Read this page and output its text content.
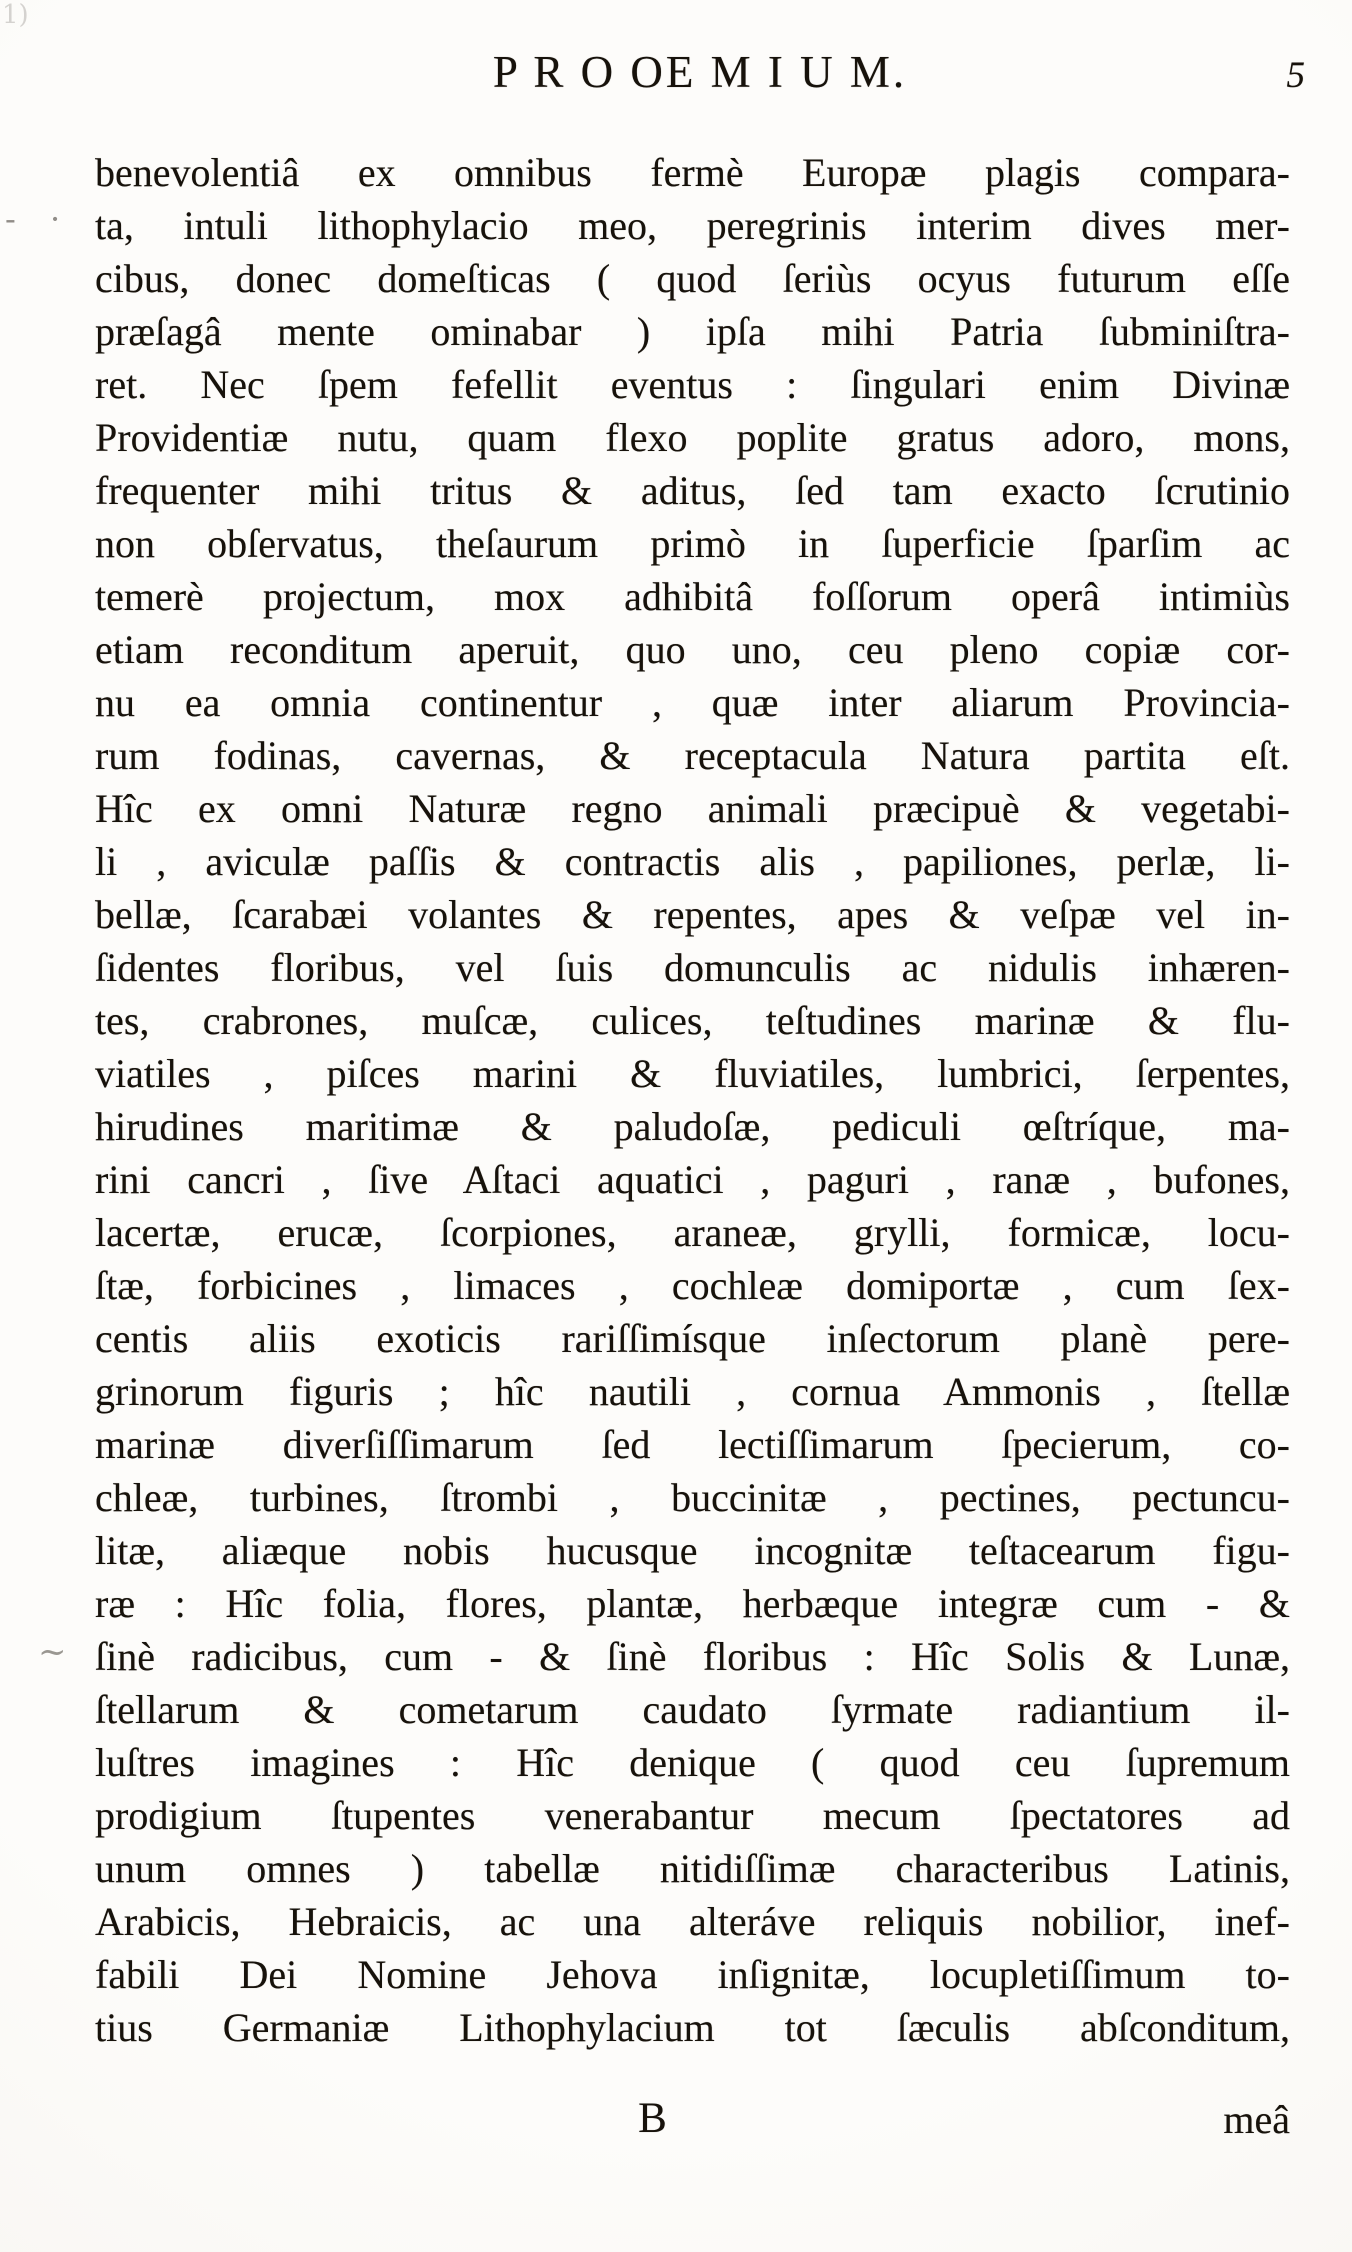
1)
- ·
~
P R O OE M I U M.	5
benevolentiâ ex omnibus fermè Europæ plagis compara-
ta, intuli lithophylacio meo, peregrinis interim dives mer-
cibus, donec domeſticas ( quod ſeriùs ocyus futurum eſſe
præſagâ mente ominabar ) ipſa mihi Patria ſubminiſtra-
ret. Nec ſpem fefellit eventus : ſingulari enim Divinæ
Providentiæ nutu, quam flexo poplite gratus adoro, mons,
frequenter mihi tritus & aditus, ſed tam exacto ſcrutinio
non obſervatus, theſaurum primò in ſuperficie ſparſim ac
temerè projectum, mox adhibitâ foſſorum operâ intimiùs
etiam reconditum aperuit, quo uno, ceu pleno copiæ cor-
nu ea omnia continentur , quæ inter aliarum Provincia-
rum fodinas, cavernas, & receptacula Natura partita eſt.
Hîc ex omni Naturæ regno animali præcipuè & vegetabi-
li , aviculæ paſſis & contractis alis , papiliones, perlæ, li-
bellæ, ſcarabæi volantes & repentes, apes & veſpæ vel in-
ſidentes floribus, vel ſuis domunculis ac nidulis inhæren-
tes, crabrones, muſcæ, culices, teſtudines marinæ & flu-
viatiles , piſces marini & fluviatiles, lumbrici, ſerpentes,
hirudines maritimæ & paludoſæ, pediculi œſtríque, ma-
rini cancri , ſive Aſtaci aquatici , paguri , ranæ , bufones,
lacertæ, erucæ, ſcorpiones, araneæ, grylli, formicæ, locu-
ſtæ, forbicines , limaces , cochleæ domiportæ , cum ſex-
centis aliis exoticis rariſſimísque inſectorum planè pere-
grinorum figuris ; hîc nautili , cornua Ammonis , ſtellæ
marinæ diverſiſſimarum ſed lectiſſimarum ſpecierum, co-
chleæ, turbines, ſtrombi , buccinitæ , pectines, pectuncu-
litæ, aliæque nobis hucusque incognitæ teſtacearum figu-
ræ : Hîc folia, flores, plantæ, herbæque integræ cum - &
ſinè radicibus, cum - & ſinè floribus : Hîc Solis & Lunæ,
ſtellarum & cometarum caudato ſyrmate radiantium il-
luſtres imagines : Hîc denique ( quod ceu ſupremum
prodigium ſtupentes venerabantur mecum ſpectatores ad
unum omnes ) tabellæ nitidiſſimæ characteribus Latinis,
Arabicis, Hebraicis, ac una alteráve reliquis nobilior, inef-
fabili Dei Nomine Jehova inſignitæ, locupletiſſimum to-
tius Germaniæ Lithophylacium tot ſæculis abſconditum,
B	meâ
